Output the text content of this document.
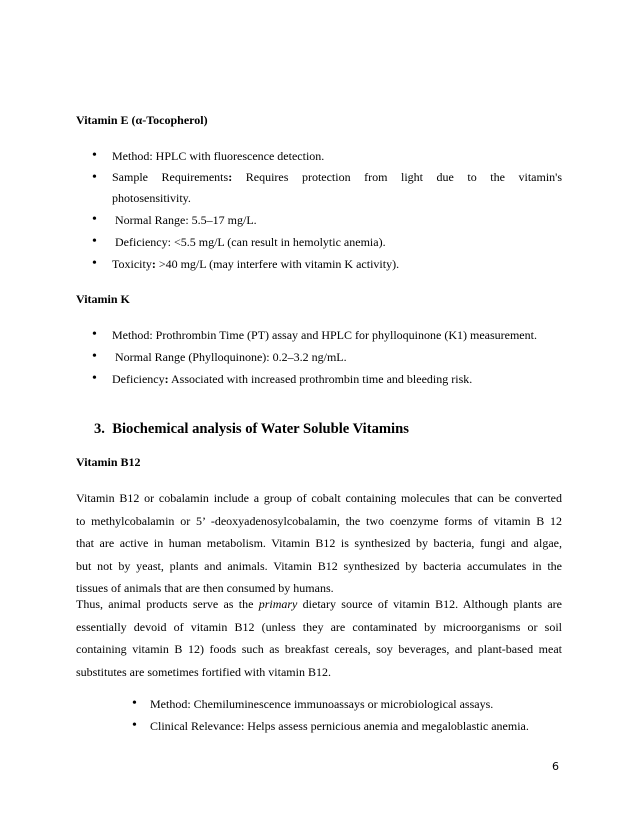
Vitamin E (α-Tocopherol)
• Method: HPLC with fluorescence detection.
• Sample Requirements: Requires protection from light due to the vitamin's
photosensitivity.
•  Normal Range: 5.5–17 mg/L.
•  Deficiency: <5.5 mg/L (can result in hemolytic anemia).
• Toxicity: >40 mg/L (may interfere with vitamin K activity).
Vitamin K
• Method: Prothrombin Time (PT) assay and HPLC for phylloquinone (K1) measurement.
•  Normal Range (Phylloquinone): 0.2–3.2 ng/mL.
• Deficiency: Associated with increased prothrombin time and bleeding risk.
3.  Biochemical analysis of Water Soluble Vitamins
Vitamin B12

Vitamin B12 or cobalamin include a group of cobalt containing molecules that can be converted
to methylcobalamin or 5’ -deoxyadenosylcobalamin, the two coenzyme forms of vitamin B 12
that are active in human metabolism. Vitamin B12 is synthesized by bacteria, fungi and algae,
but not by yeast, plants and animals. Vitamin B12 synthesized by bacteria accumulates in the
tissues of animals that are then consumed by humans.

Thus, animal products serve as the primary dietary source of vitamin B12. Although plants are
essentially devoid of vitamin B12 (unless they are contaminated by microorganisms or soil
containing vitamin B 12) foods such as breakfast cereals, soy beverages, and plant-based meat
substitutes are sometimes fortified with vitamin B12.

• Method: Chemiluminescence immunoassays or microbiological assays.
• Clinical Relevance: Helps assess pernicious anemia and megaloblastic anemia.
6
